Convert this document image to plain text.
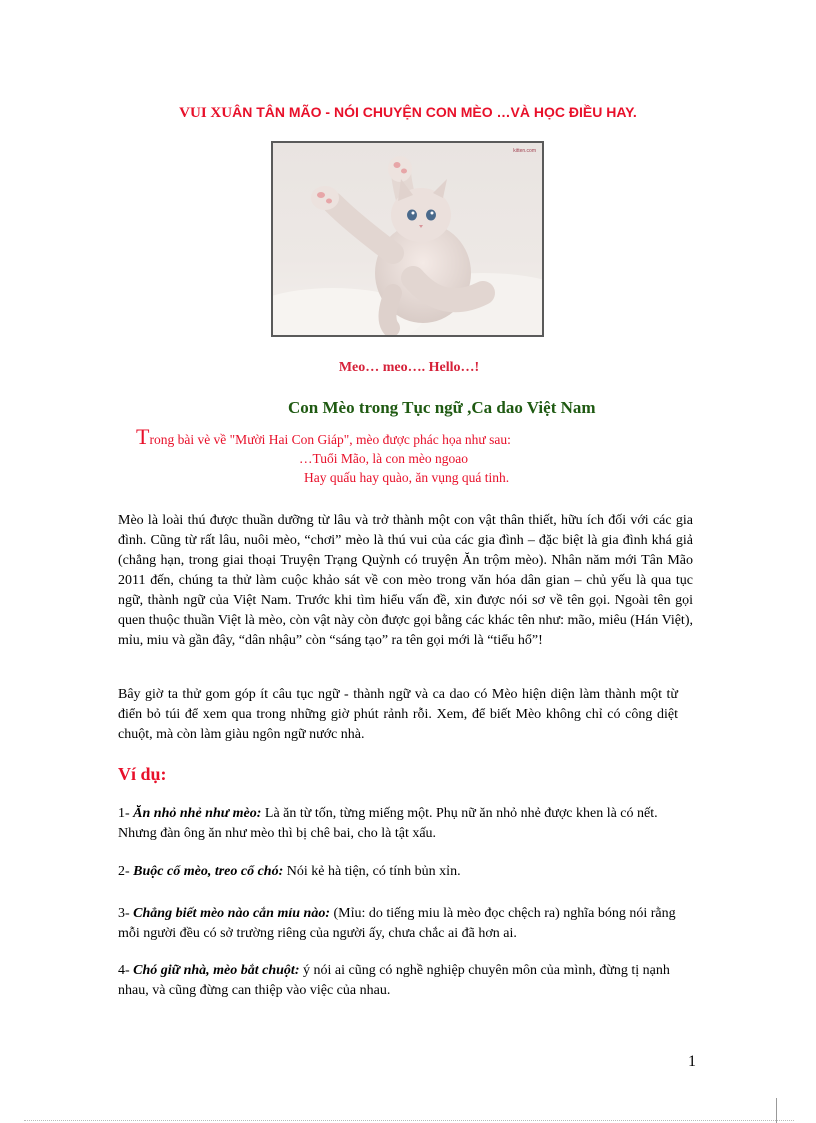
VUI XUÂN TÂN MÃO - NÓI CHUYỆN CON MÈO …VÀ HỌC ĐIỀU HAY.
kitten.com
Meo… meo…. Hello…!
Con Mèo trong Tục ngữ ,Ca dao Việt Nam
Trong bài vè về "Mười Hai Con Giáp", mèo được phác họa như sau:
…Tuổi Mão, là con mèo ngoao
Hay quấu hay quào, ăn vụng quá tinh.
Mèo là loài thú được thuần dưỡng từ lâu và trở thành một con vật thân thiết, hữu ích đối với các gia đình. Cũng từ rất lâu, nuôi mèo, “chơi” mèo là thú vui của các gia đình – đặc biệt là gia đình khá giả (chẳng hạn, trong giai thoại Truyện Trạng Quỳnh có truyện Ăn trộm mèo). Nhân năm mới Tân Mão 2011 đến, chúng ta thử làm cuộc khảo sát về con mèo trong văn hóa dân gian – chủ yếu là qua tục ngữ, thành ngữ của Việt Nam. Trước khi tìm hiểu vấn đề, xin được nói sơ về tên gọi. Ngoài tên gọi quen thuộc thuần Việt là mèo, còn vật này còn được gọi bằng các khác tên như: mão, miêu (Hán Việt), mỉu, miu và gần đây, “dân nhậu” còn “sáng tạo” ra tên gọi mới là “tiểu hổ”!
Bây giờ ta thử gom góp ít câu tục ngữ - thành ngữ và ca dao có Mèo hiện diện làm thành một từ điển bỏ túi để xem qua trong những giờ phút rảnh rỗi. Xem, để biết Mèo không chỉ có công diệt chuột, mà còn làm giàu ngôn ngữ nước nhà.
Ví dụ:
1- Ăn nhỏ nhẻ như mèo: Là ăn từ tốn, từng miếng một. Phụ nữ ăn nhỏ nhẻ được khen là có nết. Nhưng đàn ông ăn như mèo thì bị chê bai, cho là tật xấu.
2- Buộc cổ mèo, treo cổ chó: Nói kẻ hà tiện, có tính bủn xỉn.
3- Chẳng biết mèo nào cắn mỉu nào: (Mỉu: do tiếng miu là mèo đọc chệch ra) nghĩa bóng nói rằng mỗi người đều có sở trường riêng của người ấy, chưa chắc ai đã hơn ai.
4- Chó giữ nhà, mèo bắt chuột: ý nói ai cũng có nghề nghiệp chuyên môn của mình, đừng tị nạnh nhau, và cũng đừng can thiệp vào việc của nhau.
1
